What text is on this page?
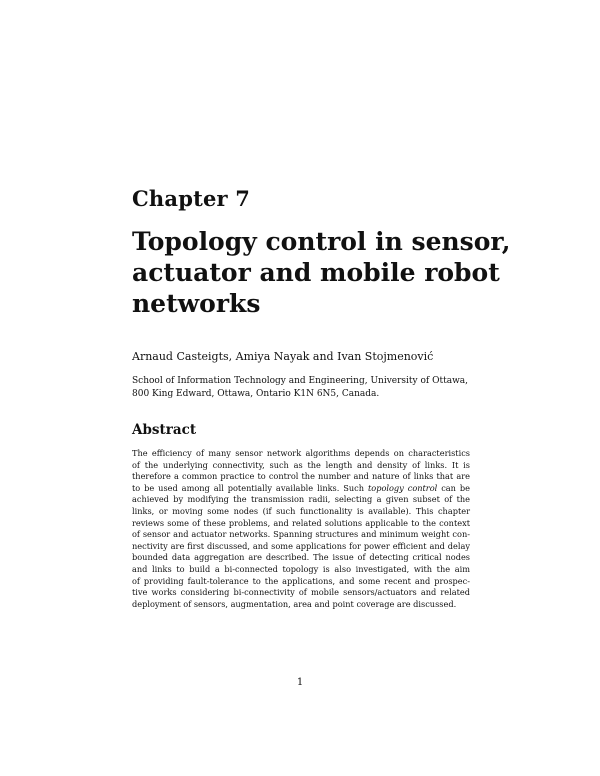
Chapter 7
Topology control in sensor,
actuator and mobile robot
networks
Arnaud Casteigts, Amiya Nayak and Ivan Stojmenović
School of Information Technology and Engineering, University of Ottawa,
800 King Edward, Ottawa, Ontario K1N 6N5, Canada.
Abstract
The efficiency of many sensor network algorithms depends on characteristics
of the underlying connectivity, such as the length and density of links. It is
therefore a common practice to control the number and nature of links that are
to be used among all potentially available links. Such topology control can be
achieved by modifying the transmission radii, selecting a given subset of the
links, or moving some nodes (if such functionality is available). This chapter
reviews some of these problems, and related solutions applicable to the context
of sensor and actuator networks. Spanning structures and minimum weight con-
nectivity are first discussed, and some applications for power efficient and delay
bounded data aggregation are described. The issue of detecting critical nodes
and links to build a bi-connected topology is also investigated, with the aim
of providing fault-tolerance to the applications, and some recent and prospec-
tive works considering bi-connectivity of mobile sensors/actuators and related
deployment of sensors, augmentation, area and point coverage are discussed.
1
